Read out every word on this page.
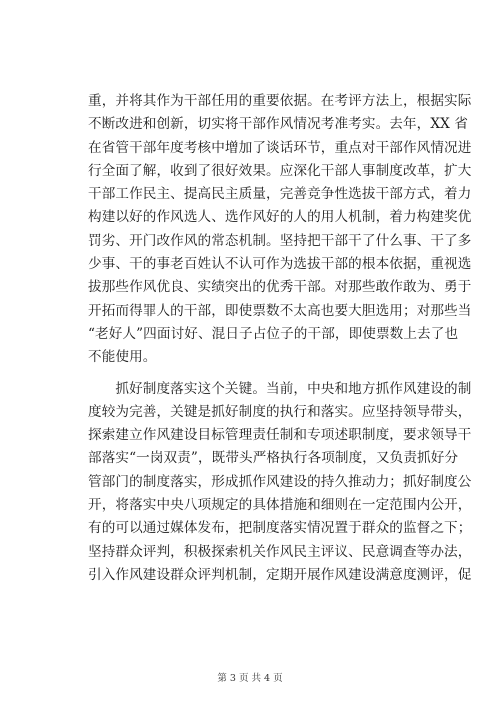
重，并将其作为干部任用的重要依据。在考评方法上，根据实际
不断改进和创新，切实将干部作风情况考准考实。去年，XX 省
在省管干部年度考核中增加了谈话环节，重点对干部作风情况进
行全面了解，收到了很好效果。应深化干部人事制度改革，扩大
干部工作民主、提高民主质量，完善竞争性选拔干部方式，着力
构建以好的作风选人、选作风好的人的用人机制，着力构建奖优
罚劣、开门改作风的常态机制。坚持把干部干了什么事、干了多
少事、干的事老百姓认不认可作为选拔干部的根本依据，重视选
拔那些作风优良、实绩突出的优秀干部。对那些敢作敢为、勇于
开拓而得罪人的干部，即使票数不太高也要大胆选用；对那些当
“老好人”四面讨好、混日子占位子的干部，即使票数上去了也
不能使用。
　　抓好制度落实这个关键。当前，中央和地方抓作风建设的制
度较为完善，关键是抓好制度的执行和落实。应坚持领导带头，
探索建立作风建设目标管理责任制和专项述职制度，要求领导干
部落实“一岗双责”，既带头严格执行各项制度，又负责抓好分
管部门的制度落实，形成抓作风建设的持久推动力；抓好制度公
开，将落实中央八项规定的具体措施和细则在一定范围内公开，
有的可以通过媒体发布，把制度落实情况置于群众的监督之下；
坚持群众评判，积极探索机关作风民主评议、民意调查等办法，
引入作风建设群众评判机制，定期开展作风建设满意度测评，促
第 3 页 共 4 页
